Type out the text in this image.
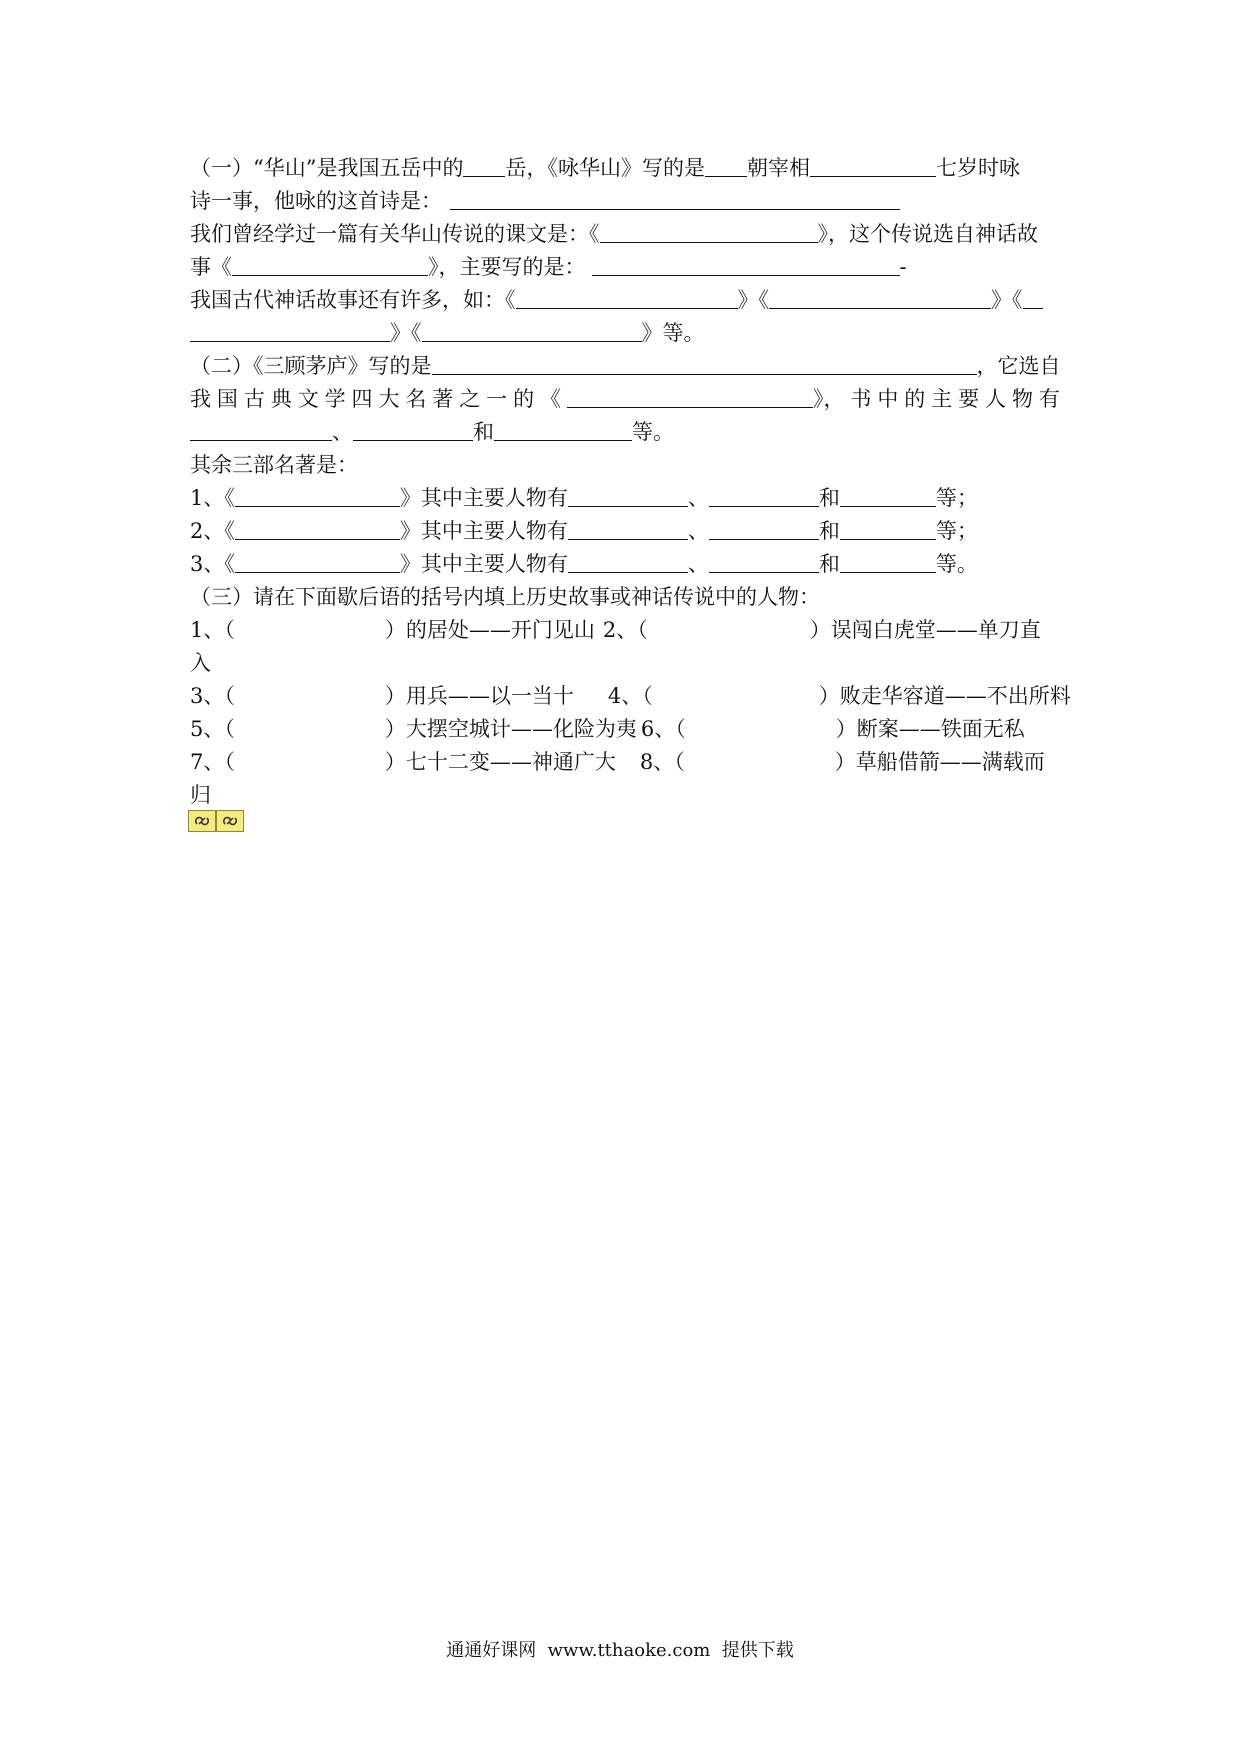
（一）“华山”是我国五岳中的 岳，《咏华山》写的是 朝宰相	七岁时咏
诗一事，他咏的这首诗是：
我们曾经学过一篇有关华山传说的课文是：《	》，这个传说选自神话故
事《	》，主要写的是：	-
我国古代神话故事还有许多，如：《	》《	》《
》《	》等。
（二）《三顾茅庐》写的是	，它选自
我 国 古 典 文 学 四 大 名 著 之 一 的 《	》， 书 中 的 主 要 人 物 有
、	和	等。
其余三部名著是：
1、《	》其中主要人物有	、	和	等；
2、《	》其中主要人物有	、	和	等；
3、《	》其中主要人物有	、	和	等。
（三）请在下面歇后语的括号内填上历史故事或神话传说中的人物：
1、（	）的居处——开门见山 2、（	）误闯白虎堂——单刀直
入
3、（	）用兵——以一当十 4、（	）败走华容道——不出所料
5、（	）大摆空城计——化险为夷 6、（	）断案——铁面无私
7、（	）七十二变——神通广大 8、（	）草船借箭——满载而
归
通通好课网  www.tthaoke.com  提供下载
